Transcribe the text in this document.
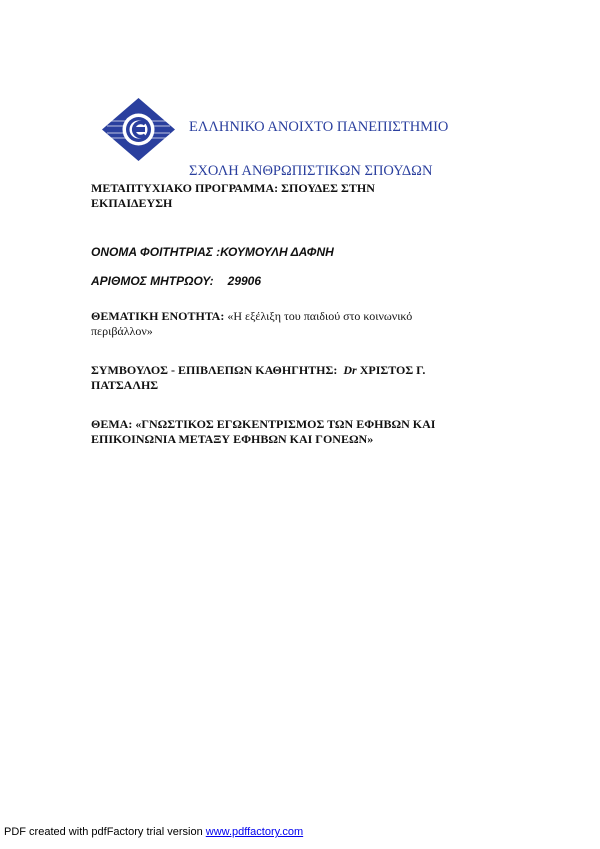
ΕΛΛΗΝΙΚΟ ΑΝΟΙΧΤΟ ΠΑΝΕΠΙΣΤΗΜΙΟ
ΣΧΟΛΗ ΑΝΘΡΩΠΙΣΤΙΚΩΝ ΣΠΟΥΔΩΝ
ΜΕΤΑΠΤΥΧΙΑΚΟ ΠΡΟΓΡΑΜΜΑ: ΣΠΟΥΔΕΣ ΣΤΗΝ
ΕΚΠΑΙΔΕΥΣΗ
ΟΝΟΜΑ ΦΟΙΤΗΤΡΙΑΣ :ΚΟΥΜΟΥΛΗ ΔΑΦΝΗ
ΑΡΙΘΜΟΣ ΜΗΤΡΩΟΥ: 29906
ΘΕΜΑΤΙΚΗ ΕΝΟΤΗΤΑ: «Η εξέλιξη του παιδιού στο κοινωνικό
περιβάλλον»
ΣΥΜΒΟΥΛΟΣ - ΕΠΙΒΛΕΠΩΝ ΚΑΘΗΓΗΤΗΣ: Dr ΧΡΙΣΤΟΣ Γ.
ΠΑΤΣΑΛΗΣ
ΘΕΜΑ: «ΓΝΩΣΤΙΚΟΣ ΕΓΩΚΕΝΤΡΙΣΜΟΣ ΤΩΝ ΕΦΗΒΩΝ ΚΑΙ
ΕΠΙΚΟΙΝΩΝΙΑ ΜΕΤΑΞΥ ΕΦΗΒΩΝ ΚΑΙ ΓΟΝΕΩΝ»
PDF created with pdfFactory trial version www.pdffactory.com
